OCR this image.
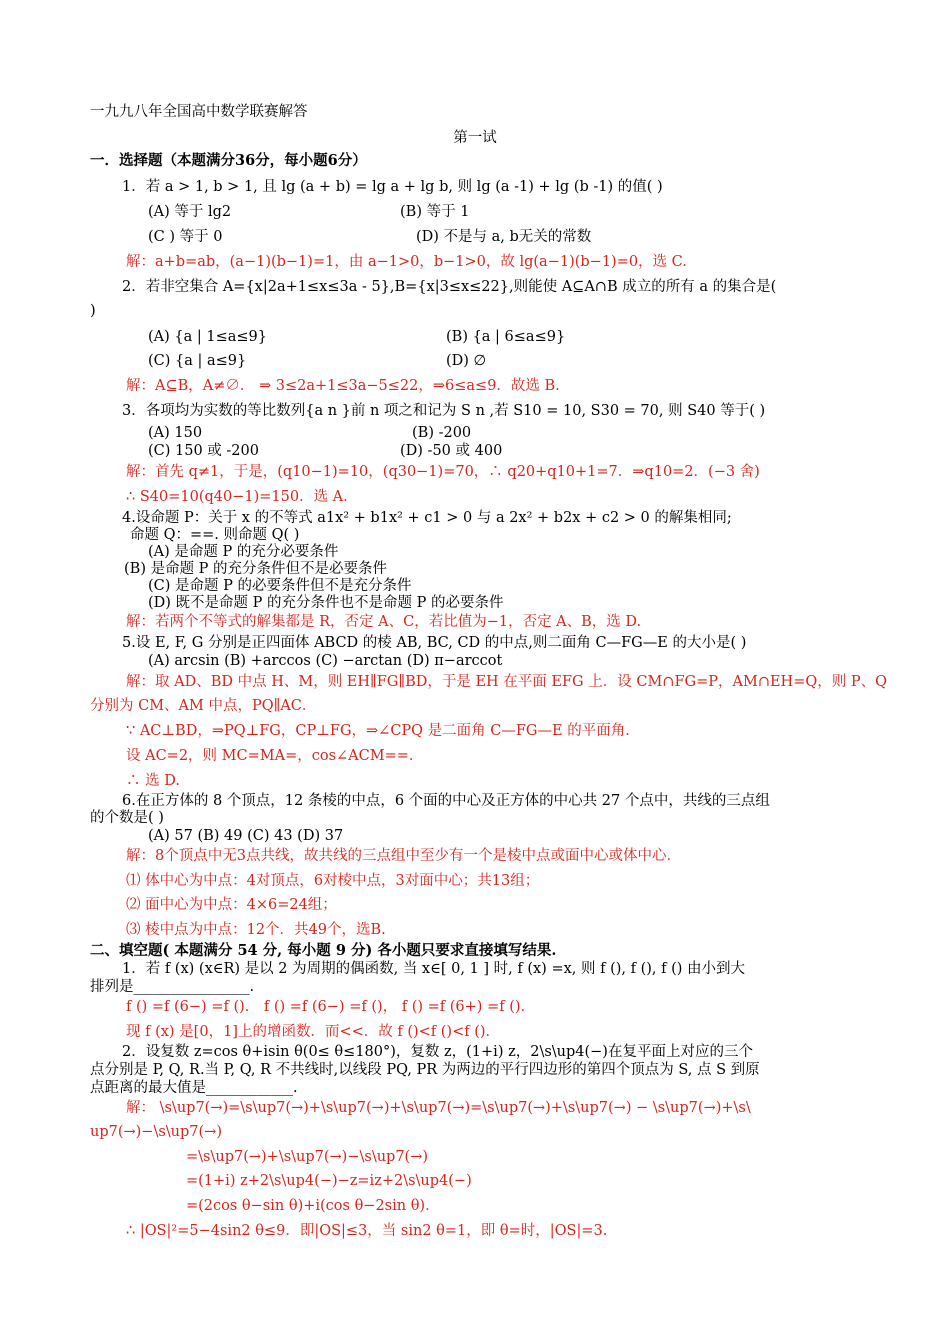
一九九八年全国高中数学联赛解答
第一试
一．选择题（本题满分36分，每小题6分）
1．若 a > 1, b > 1, 且 lg (a + b) = lg a + lg b, 则 lg (a -1) + lg (b -1) 的值( )
(A) 等于 lg2	(B) 等于 1
(C ) 等于 0	(D) 不是与 a, b无关的常数
解：a+b=ab，(a−1)(b−1)=1，由 a−1>0，b−1>0，故 lg(a−1)(b−1)=0，选 C.
2．若非空集合 A={x|2a+1≤x≤3a - 5},B={x|3≤x≤22},则能使 A⊆A∩B 成立的所有 a 的集合是(
)
(A) {a | 1≤a≤9}	(B) {a | 6≤a≤9}
(C) {a | a≤9}	(D) ∅
解：A⊆B，A≠∅． ⇒ 3≤2a+1≤3a−5≤22，⇒6≤a≤9．故选 B.
3．各项均为实数的等比数列{a n }前 n 项之和记为 S n ,若 S10 = 10, S30 = 70, 则 S40 等于( )
(A) 150	(B) -200
(C) 150 或 -200	(D) -50 或 400
解：首先 q≠1，于是，(q10−1)=10，(q30−1)=70，∴ q20+q10+1=7．⇒q10=2．(−3 舍)
∴ S40=10(q40−1)=150．选 A.
4.设命题 P：关于 x 的不等式 a1x² + b1x² + c1 > 0 与 a 2x² + b2x + c2 > 0 的解集相同;
命题 Q：==. 则命题 Q( )
(A) 是命题 P 的充分必要条件
(B) 是命题 P 的充分条件但不是必要条件
(C) 是命题 P 的必要条件但不是充分条件
(D) 既不是命题 P 的充分条件也不是命题 P 的必要条件
解：若两个不等式的解集都是 R，否定 A、C，若比值为−1，否定 A、B，选 D.
5.设 E, F, G 分别是正四面体 ABCD 的棱 AB, BC, CD 的中点,则二面角 C—FG—E 的大小是( )
(A) arcsin (B) +arccos (C) −arctan (D) π−arccot
解：取 AD、BD 中点 H、M，则 EH∥FG∥BD，于是 EH 在平面 EFG 上．设 CM∩FG=P，AM∩EH=Q，则 P、Q
分别为 CM、AM 中点，PQ∥AC．
∵ AC⊥BD，⇒PQ⊥FG，CP⊥FG，⇒∠CPQ 是二面角 C—FG—E 的平面角．
设 AC=2，则 MC=MA=，cos∠ACM==．
∴ 选 D.
6.在正方体的 8 个顶点，12 条棱的中点，6 个面的中心及正方体的中心共 27 个点中，共线的三点组
的个数是( )
(A) 57 (B) 49 (C) 43 (D) 37
解：8个顶点中无3点共线，故共线的三点组中至少有一个是棱中点或面中心或体中心．
⑴ 体中心为中点：4对顶点，6对棱中点，3对面中心；共13组；
⑵ 面中心为中点：4×6=24组；
⑶ 棱中点为中点：12个．共49个，选B.
二、填空题( 本题满分 54 分, 每小题 9 分) 各小题只要求直接填写结果.
1．若 f (x) (x∈R) 是以 2 为周期的偶函数, 当 x∈[ 0, 1 ] 时, f (x) =x, 则 f (), f (), f () 由小到大
排列是________________.
f () =f (6−) =f ()． f () =f (6−) =f ()， f () =f (6+) =f ()．
现 f (x) 是[0，1]上的增函数．而<<．故 f ()<f ()<f ()．
2．设复数 z=cos θ+isin θ(0≤ θ≤180°)，复数 z，(1+i) z，2\s\up4(−)在复平面上对应的三个
点分别是 P, Q, R.当 P, Q, R 不共线时,以线段 PQ, PR 为两边的平行四边形的第四个顶点为 S, 点 S 到原
点距离的最大值是____________.
解： \s\up7(→)=\s\up7(→)+\s\up7(→)+\s\up7(→)=\s\up7(→)+\s\up7(→) − \s\up7(→)+\s\
up7(→)−\s\up7(→)
=\s\up7(→)+\s\up7(→)−\s\up7(→)
=(1+i) z+2\s\up4(−)−z=iz+2\s\up4(−)
=(2cos θ−sin θ)+i(cos θ−2sin θ)．
∴ |OS|²=5−4sin2 θ≤9．即|OS|≤3，当 sin2 θ=1，即 θ=时，|OS|=3.
